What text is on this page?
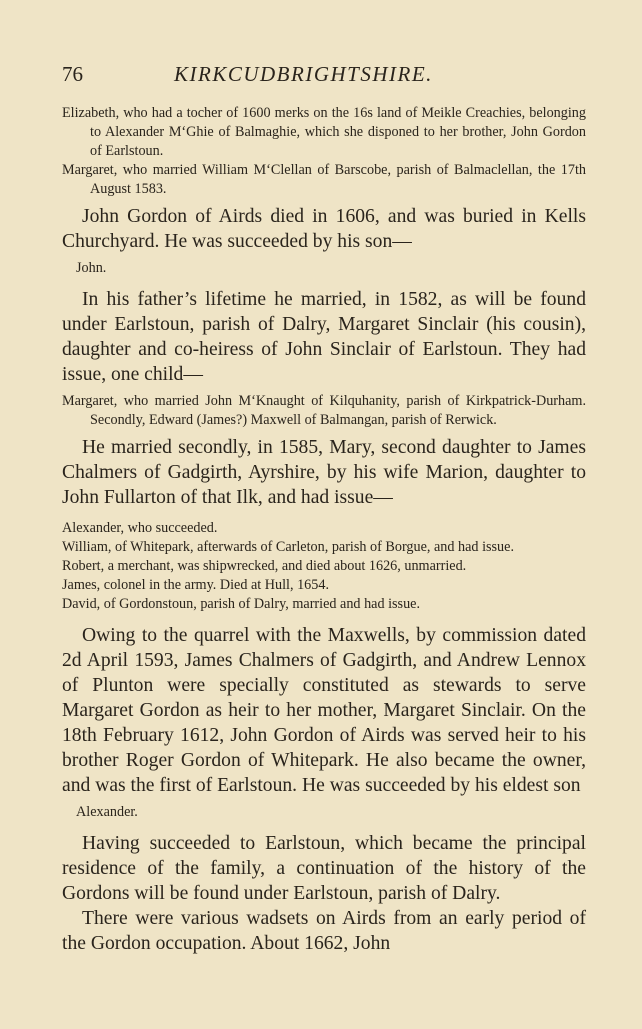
76	KIRKCUDBRIGHTSHIRE.

Elizabeth, who had a tocher of 1600 merks on the 16s land of Meikle Creachies, belonging to Alexander M‘Ghie of Balmaghie, which she disponed to her brother, John Gordon of Earlstoun.

Margaret, who married William M‘Clellan of Barscobe, parish of Balmaclellan, the 17th August 1583.

John Gordon of Airds died in 1606, and was buried in Kells Churchyard. He was succeeded by his son—

John.

In his father’s lifetime he married, in 1582, as will be found under Earlstoun, parish of Dalry, Margaret Sinclair (his cousin), daughter and co-heiress of John Sinclair of Earlstoun. They had issue, one child—

Margaret, who married John M‘Knaught of Kilquhanity, parish of Kirkpatrick-Durham. Secondly, Edward (James?) Maxwell of Balmangan, parish of Rerwick.

He married secondly, in 1585, Mary, second daughter to James Chalmers of Gadgirth, Ayrshire, by his wife Marion, daughter to John Fullarton of that Ilk, and had issue—

Alexander, who succeeded.

William, of Whitepark, afterwards of Carleton, parish of Borgue, and had issue.

Robert, a merchant, was shipwrecked, and died about 1626, unmarried.

James, colonel in the army. Died at Hull, 1654.

David, of Gordonstoun, parish of Dalry, married and had issue.

Owing to the quarrel with the Maxwells, by commission dated 2d April 1593, James Chalmers of Gadgirth, and Andrew Lennox of Plunton were specially constituted as stewards to serve Margaret Gordon as heir to her mother, Margaret Sinclair. On the 18th February 1612, John Gordon of Airds was served heir to his brother Roger Gordon of Whitepark. He also became the owner, and was the first of Earlstoun. He was succeeded by his eldest son

Alexander.

Having succeeded to Earlstoun, which became the principal residence of the family, a continuation of the history of the Gordons will be found under Earlstoun, parish of Dalry.

There were various wadsets on Airds from an early period of the Gordon occupation. About 1662, John
